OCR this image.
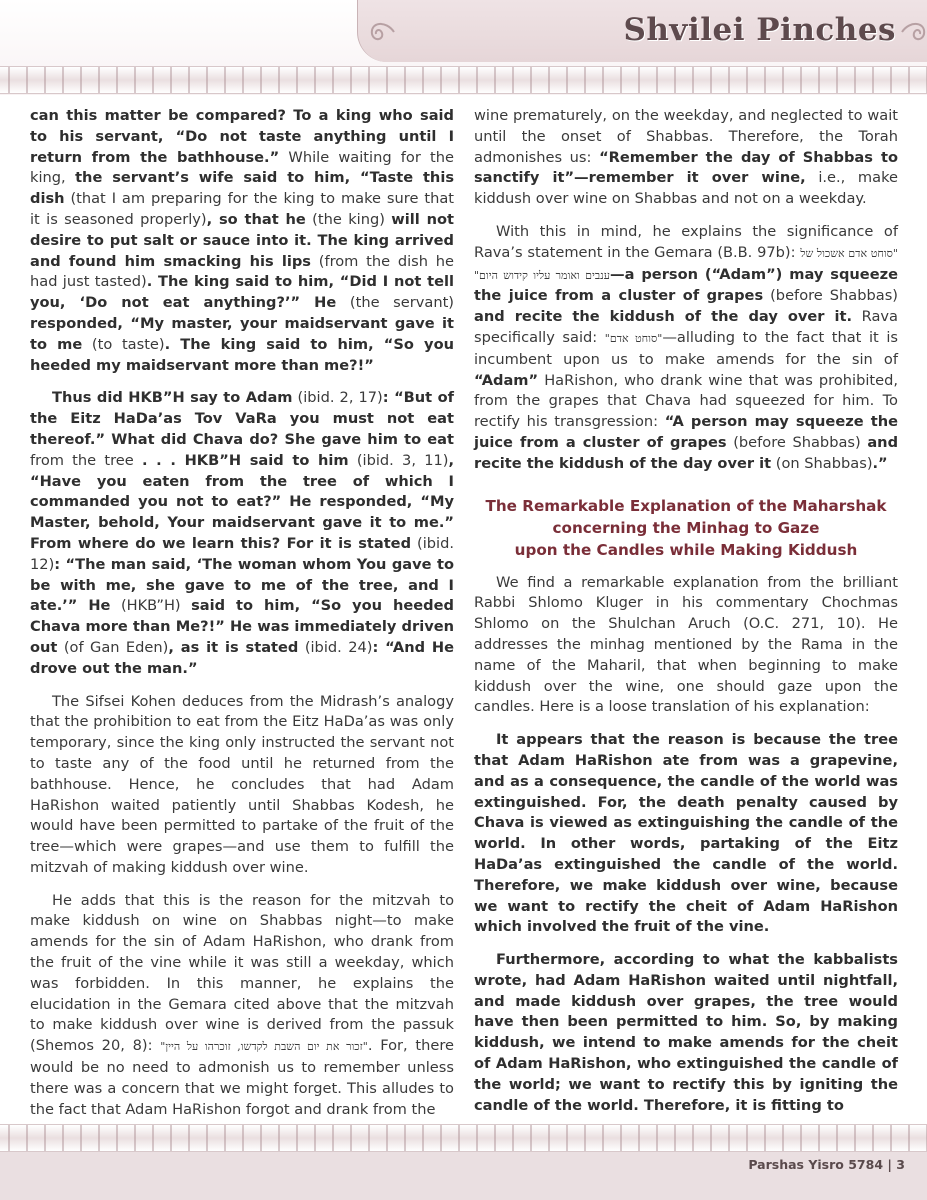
Shvilei Pinches

can this matter be compared? To a king who said to his servant, “Do not taste anything until I return from the bathhouse.” While waiting for the king, the servant’s wife said to him, “Taste this dish (that I am preparing for the king to make sure that it is seasoned properly), so that he (the king) will not desire to put salt or sauce into it. The king arrived and found him smacking his lips (from the dish he had just tasted). The king said to him, “Did I not tell you, ‘Do not eat anything?’” He (the servant) responded, “My master, your maidservant gave it to me (to taste). The king said to him, “So you heeded my maidservant more than me?!”

Thus did HKB”H say to Adam (ibid. 2, 17): “But of the Eitz HaDa’as Tov VaRa you must not eat thereof.” What did Chava do? She gave him to eat from the tree . . . HKB”H said to him (ibid. 3, 11), “Have you eaten from the tree of which I commanded you not to eat?” He responded, “My Master, behold, Your maidservant gave it to me.” From where do we learn this? For it is stated (ibid. 12): “The man said, ‘The woman whom You gave to be with me, she gave to me of the tree, and I ate.’” He (HKB”H) said to him, “So you heeded Chava more than Me?!” He was immediately driven out (of Gan Eden), as it is stated (ibid. 24): “And He drove out the man.”

The Sifsei Kohen deduces from the Midrash’s analogy that the prohibition to eat from the Eitz HaDa’as was only temporary, since the king only instructed the servant not to taste any of the food until he returned from the bathhouse. Hence, he concludes that had Adam HaRishon waited patiently until Shabbas Kodesh, he would have been permitted to partake of the fruit of the tree—which were grapes—and use them to fulfill the mitzvah of making kiddush over wine.

He adds that this is the reason for the mitzvah to make kiddush on wine on Shabbas night—to make amends for the sin of Adam HaRishon, who drank from the fruit of the vine while it was still a weekday, which was forbidden. In this manner, he explains the elucidation in the Gemara cited above that the mitzvah to make kiddush over wine is derived from the passuk (Shemos 20, 8): "זכור את יום השבת לקדשו, זוכרהו על היין". For, there would be no need to admonish us to remember unless there was a concern that we might forget. This alludes to the fact that Adam HaRishon forgot and drank from the

wine prematurely, on the weekday, and neglected to wait until the onset of Shabbas. Therefore, the Torah admonishes us: “Remember the day of Shabbas to sanctify it”—remember it over wine, i.e., make kiddush over wine on Shabbas and not on a weekday.

With this in mind, he explains the significance of Rava’s statement in the Gemara (B.B. 97b): "סוחט אדם אשכול של ענבים ואומר עליו קידוש היום"—a person (“Adam”) may squeeze the juice from a cluster of grapes (before Shabbas) and recite the kiddush of the day over it. Rava specifically said: "סוחט אדם"—alluding to the fact that it is incumbent upon us to make amends for the sin of “Adam” HaRishon, who drank wine that was prohibited, from the grapes that Chava had squeezed for him. To rectify his transgression: “A person may squeeze the juice from a cluster of grapes (before Shabbas) and recite the kiddush of the day over it (on Shabbas).”

The Remarkable Explanation of the Maharshak
concerning the Minhag to Gaze
upon the Candles while Making Kiddush

We find a remarkable explanation from the brilliant Rabbi Shlomo Kluger in his commentary Chochmas Shlomo on the Shulchan Aruch (O.C. 271, 10). He addresses the minhag mentioned by the Rama in the name of the Maharil, that when beginning to make kiddush over the wine, one should gaze upon the candles. Here is a loose translation of his explanation:

It appears that the reason is because the tree that Adam HaRishon ate from was a grapevine, and as a consequence, the candle of the world was extinguished. For, the death penalty caused by Chava is viewed as extinguishing the candle of the world. In other words, partaking of the Eitz HaDa’as extinguished the candle of the world. Therefore, we make kiddush over wine, because we want to rectify the cheit of Adam HaRishon which involved the fruit of the vine.

Furthermore, according to what the kabbalists wrote, had Adam HaRishon waited until nightfall, and made kiddush over grapes, the tree would have then been permitted to him. So, by making kiddush, we intend to make amends for the cheit of Adam HaRishon, who extinguished the candle of the world; we want to rectify this by igniting the candle of the world. Therefore, it is fitting to

Parshas Yisro 5784 | 3
